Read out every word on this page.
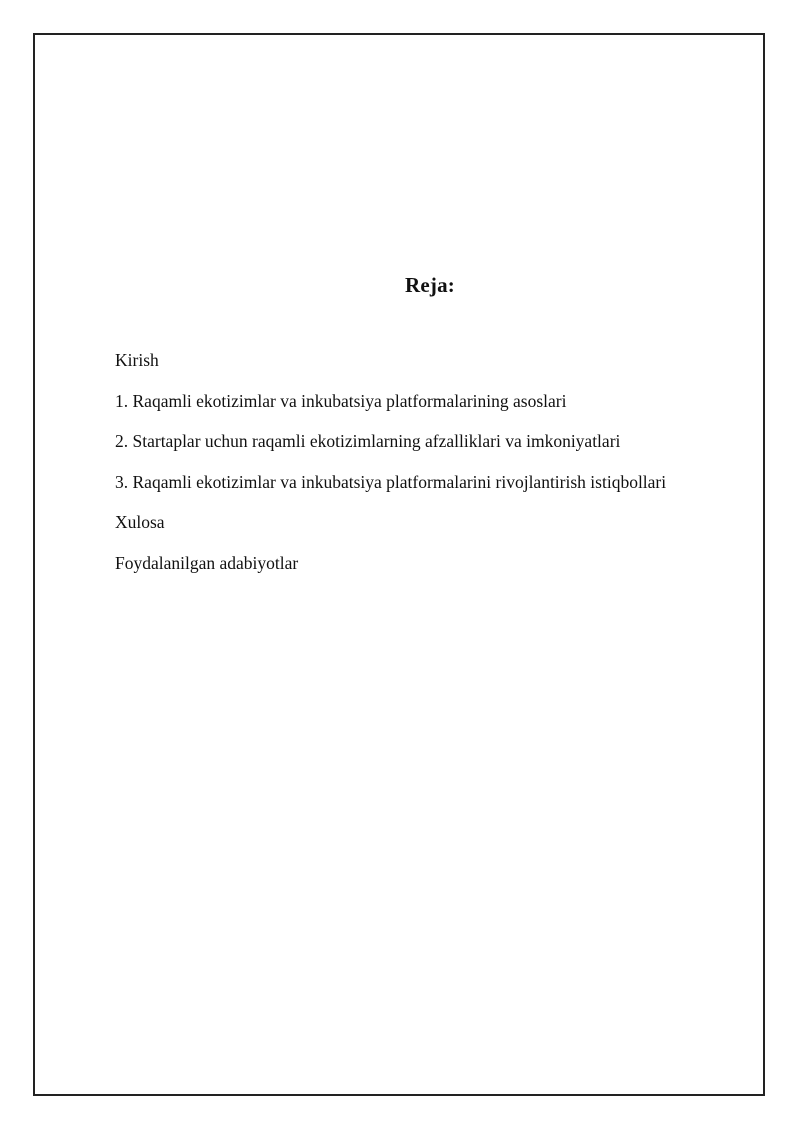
Reja:
Kirish
1. Raqamli ekotizimlar va inkubatsiya platformalarining asoslari
2. Startaplar uchun raqamli ekotizimlarning afzalliklari va imkoniyatlari
3. Raqamli ekotizimlar va inkubatsiya platformalarini rivojlantirish istiqbollari
Xulosa
Foydalanilgan adabiyotlar
